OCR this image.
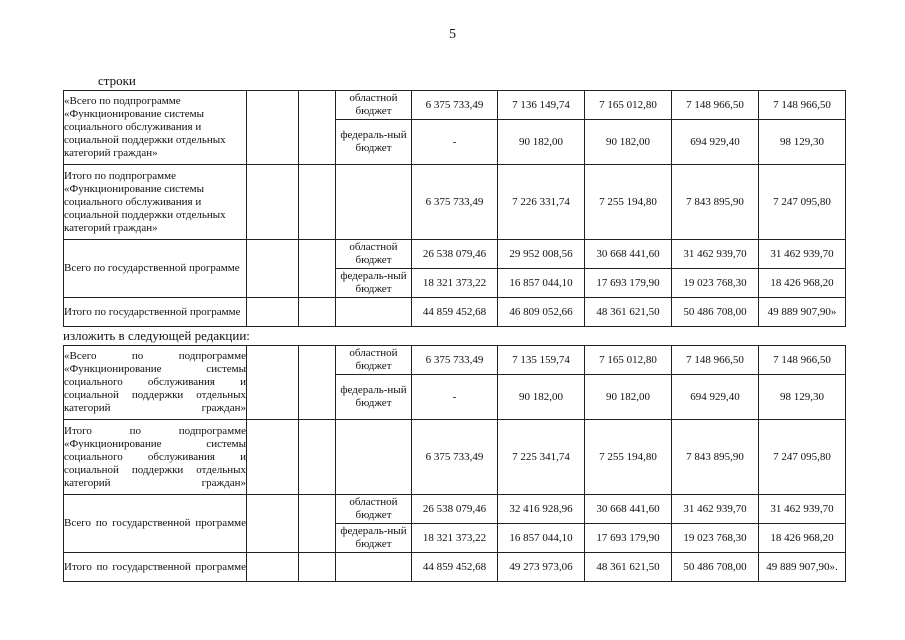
5
строки
«Всего по подпрограмме «Функционирование системы социального обслуживания и социальной поддержки отдельных категорий граждан»			областной бюджет	6 375 733,49	7 136 149,74	7 165 012,80	7 148 966,50	7 148 966,50
			федераль-ный бюджет	-	90 182,00	90 182,00	694 929,40	98 129,30
Итого по подпрограмме «Функционирование системы социального обслуживания и социальной поддержки отдельных категорий граждан»				6 375 733,49	7 226 331,74	7 255 194,80	7 843 895,90	7 247 095,80
Всего по государственной программе			областной бюджет	26 538 079,46	29 952 008,56	30 668 441,60	31 462 939,70	31 462 939,70
			федераль-ный бюджет	18 321 373,22	16 857 044,10	17 693 179,90	19 023 768,30	18 426 968,20
Итого по государственной программе				44 859 452,68	46 809 052,66	48 361 621,50	50 486 708,00	49 889 907,90»
изложить в следующей редакции:
«Всего по подпрограмме «Функционирование системы социального обслуживания и социальной поддержки отдельных категорий граждан»			областной бюджет	6 375 733,49	7 135 159,74	7 165 012,80	7 148 966,50	7 148 966,50
			федераль-ный бюджет	-	90 182,00	90 182,00	694 929,40	98 129,30
Итого по подпрограмме «Функционирование системы социального обслуживания и социальной поддержки отдельных категорий граждан»				6 375 733,49	7 225 341,74	7 255 194,80	7 843 895,90	7 247 095,80
Всего по государственной программе			областной бюджет	26 538 079,46	32 416 928,96	30 668 441,60	31 462 939,70	31 462 939,70
			федераль-ный бюджет	18 321 373,22	16 857 044,10	17 693 179,90	19 023 768,30	18 426 968,20
Итого по государственной программе				44 859 452,68	49 273 973,06	48 361 621,50	50 486 708,00	49 889 907,90».
